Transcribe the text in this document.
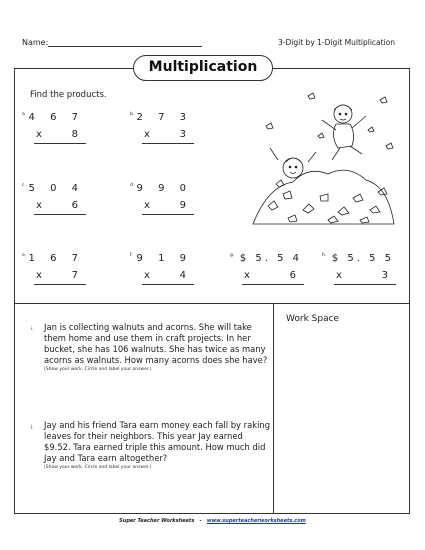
Name:	3-Digit by 1-Digit Multiplication
Multiplication
Find the products.
a. 4 6 7
x	8
b. 2 7 3
x	3
c. 5 0 4
x	6
d. 9 9 0
x	9
e. 1 6 7
x	7
f. 9 1 9
x	4
g. $ 5. 5 4
x	6
h. $ 5. 5 5
x	3
Work Space
i. Jan is collecting walnuts and acorns. She will take them home and use them in craft projects. In her bucket, she has 106 walnuts. She has twice as many acorns as walnuts. How many acorns does she have?
(Show your work. Circle and label your answer.)
j. Jay and his friend Tara earn money each fall by raking leaves for their neighbors. This year Jay earned $9.52. Tara earned triple this amount. How much did Jay and Tara earn altogether?
(Show your work. Circle and label your answer.)
Super Teacher Worksheets - www.superteacherworksheets.com
